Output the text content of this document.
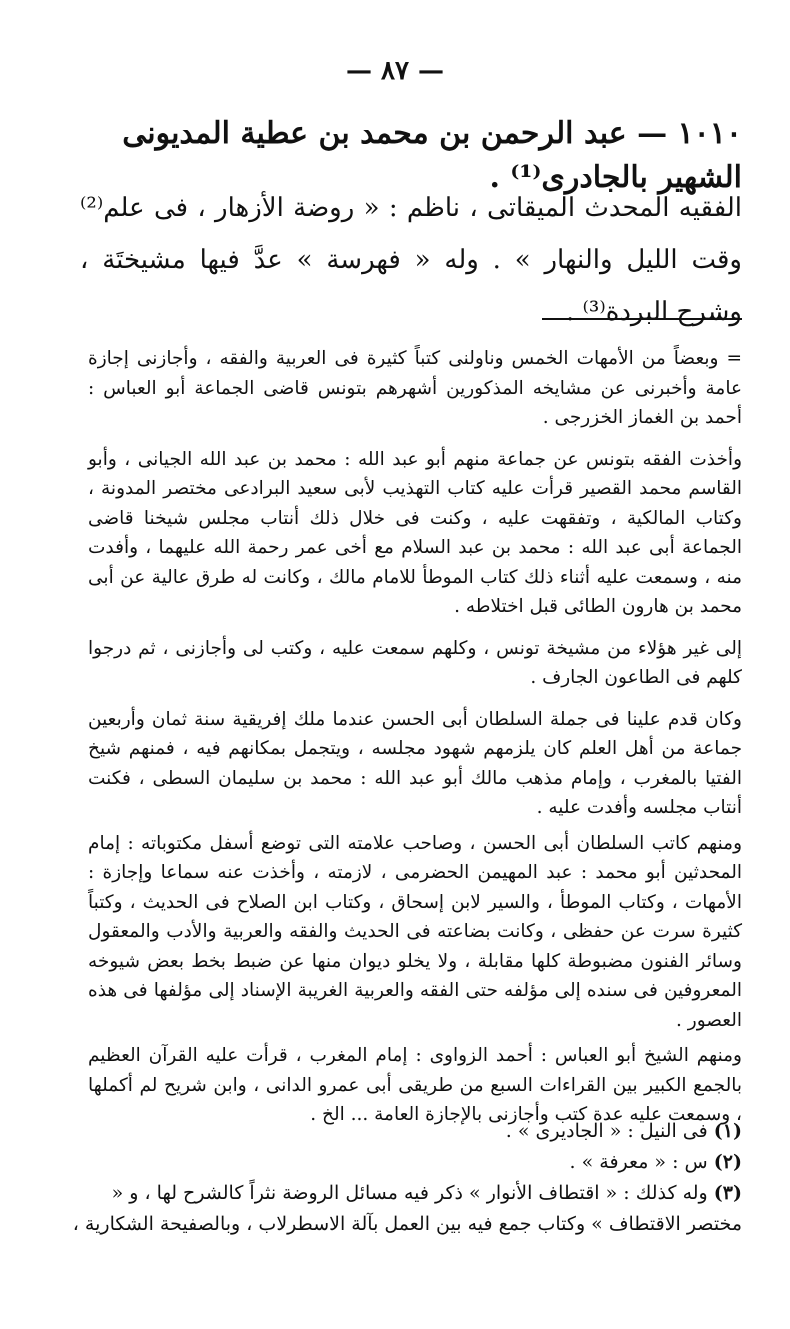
— ٨٧ —
١٠١٠ — عبد الرحمن بن محمد بن عطية المديونى الشهير بالجادرى⁽¹⁾ .

الفقيه المحدث الميقاتى ، ناظم : « روضة الأزهار ، فى علم⁽²⁾ وقت الليل والنهار » . وله « فهرسة » عدَّ فيها مشيختَة ، وشرح البردة⁽³⁾ .

= وبعضاً من الأمهات الخمس وناولنى كتباً كثيرة فى العربية والفقه ، وأجازنى إجازة عامة وأخبرنى عن مشايخه المذكورين أشهرهم بتونس قاضى الجماعة أبو العباس : أحمد بن الغماز الخزرجى .

وأخذت الفقه بتونس عن جماعة منهم أبو عبد الله : محمد بن عبد الله الجيانى ، وأبو القاسم محمد القصير قرأت عليه كتاب التهذيب لأبى سعيد البرادعى مختصر المدونة ، وكتاب المالكية ، وتفقهت عليه ، وكنت فى خلال ذلك أنتاب مجلس شيخنا قاضى الجماعة أبى عبد الله : محمد بن عبد السلام مع أخى عمر رحمة الله عليهما ، وأفدت منه ، وسمعت عليه أثناء ذلك كتاب الموطأ للامام مالك ، وكانت له طرق عالية عن أبى محمد بن هارون الطائى قبل اختلاطه .

إلى غير هؤلاء من مشيخة تونس ، وكلهم سمعت عليه ، وكتب لى وأجازنى ، ثم درجوا كلهم فى الطاعون الجارف .

وكان قدم علينا فى جملة السلطان أبى الحسن عندما ملك إفريقية سنة ثمان وأربعين جماعة من أهل العلم كان يلزمهم شهود مجلسه ، ويتجمل بمكانهم فيه ، فمنهم شيخ الفتيا بالمغرب ، وإمام مذهب مالك أبو عبد الله : محمد بن سليمان السطى ، فكنت أنتاب مجلسه وأفدت عليه .

ومنهم كاتب السلطان أبى الحسن ، وصاحب علامته التى توضع أسفل مكتوباته : إمام المحدثين أبو محمد : عبد المهيمن الحضرمى ، لازمته ، وأخذت عنه سماعا وإجازة : الأمهات ، وكتاب الموطأ ، والسير لابن إسحاق ، وكتاب ابن الصلاح فى الحديث ، وكتباً كثيرة سرت عن حفظى ، وكانت بضاعته فى الحديث والفقه والعربية والأدب والمعقول وسائر الفنون مضبوطة كلها مقابلة ، ولا يخلو ديوان منها عن ضبط بخط بعض شيوخه المعروفين فى سنده إلى مؤلفه حتى الفقه والعربية الغريبة الإسناد إلى مؤلفها فى هذه العصور .

ومنهم الشيخ أبو العباس : أحمد الزواوى : إمام المغرب ، قرأت عليه القرآن العظيم بالجمع الكبير بين القراءات السبع من طريقى أبى عمرو الدانى ، وابن شريح لم أكملها ، وسمعت عليه عدة كتب وأجازنى بالإجازة العامة ... الخ .

(١) فى النيل : « الجاديرى » .

(٢) س : « معرفة » .

(٣) وله كذلك : « اقتطاف الأنوار » ذكر فيه مسائل الروضة نثراً كالشرح لها ، و « مختصر الاقتطاف » وكتاب جمع فيه بين العمل بآلة الاسطرلاب ، وبالصفيحة الشكارية ،
